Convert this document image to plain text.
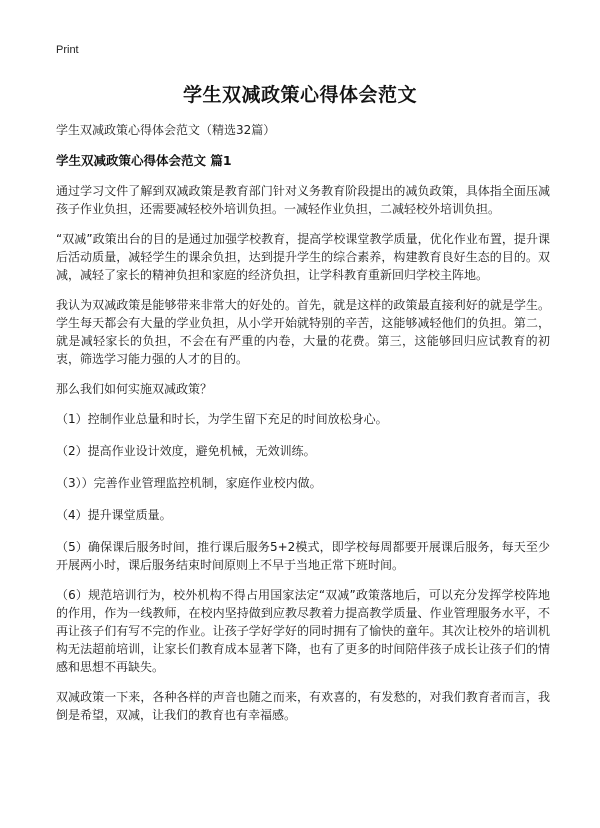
Print
学生双减政策心得体会范文
学生双减政策心得体会范文（精选32篇）
学生双减政策心得体会范文 篇1

通过学习文件了解到双减政策是教育部门针对义务教育阶段提出的减负政策，具体指全面压减孩子作业负担，还需要减轻校外培训负担。一减轻作业负担，二减轻校外培训负担。

“双减”政策出台的目的是通过加强学校教育，提高学校课堂教学质量，优化作业布置，提升课后活动质量，减轻学生的课余负担，达到提升学生的综合素养，构建教育良好生态的目的。双减，减轻了家长的精神负担和家庭的经济负担，让学科教育重新回归学校主阵地。

我认为双减政策是能够带来非常大的好处的。首先，就是这样的政策最直接利好的就是学生。学生每天都会有大量的学业负担，从小学开始就特别的辛苦，这能够减轻他们的负担。第二，就是减轻家长的负担，不会在有严重的内卷，大量的花费。第三，这能够回归应试教育的初衷，筛选学习能力强的人才的目的。

那么我们如何实施双减政策？

（1）控制作业总量和时长，为学生留下充足的时间放松身心。

（2）提高作业设计效度，避免机械，无效训练。

（3））完善作业管理监控机制，家庭作业校内做。

（4）提升课堂质量。

（5）确保课后服务时间，推行课后服务5+2模式，即学校每周都要开展课后服务，每天至少开展两小时，课后服务结束时间原则上不早于当地正常下班时间。

（6）规范培训行为，校外机构不得占用国家法定“双减”政策落地后，可以充分发挥学校阵地的作用，作为一线教师，在校内坚持做到应教尽教着力提高教学质量、作业管理服务水平，不再让孩子们有写不完的作业。让孩子学好学好的同时拥有了愉快的童年。其次让校外的培训机构无法超前培训，让家长们教育成本显著下降，也有了更多的时间陪伴孩子成长让孩子们的情感和思想不再缺失。

双减政策一下来，各种各样的声音也随之而来，有欢喜的，有发愁的，对我们教育者而言，我倒是希望，双减，让我们的教育也有幸福感。
